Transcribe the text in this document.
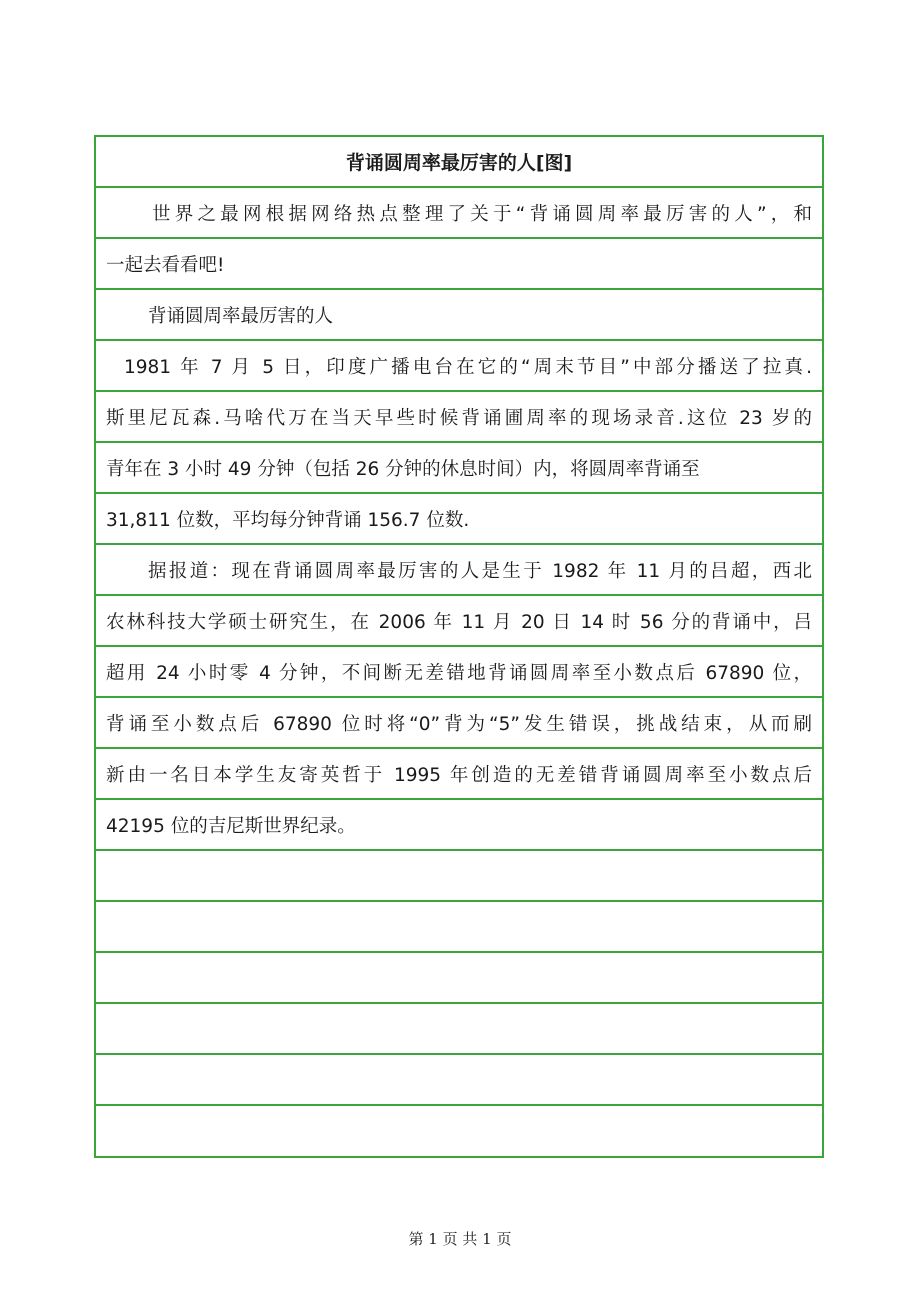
背诵圆周率最厉害的人[图]
世界之最网根据网络热点整理了关于“背诵圆周率最厉害的人”，和
一起去看看吧!
背诵圆周率最厉害的人
1981 年 7 月 5 日，印度广播电台在它的“周末节目”中部分播送了拉真.
斯里尼瓦森.马啥代万在当天早些时候背诵圃周率的现场录音.这位 23 岁的
青年在 3 小时 49 分钟（包括 26 分钟的休息时间）内，将圆周率背诵至
31,811 位数，平均每分钟背诵 156.7 位数.
据报道：现在背诵圆周率最厉害的人是生于 1982 年 11 月的吕超，西北
农林科技大学硕士研究生，在 2006 年 11 月 20 日 14 时 56 分的背诵中，吕
超用 24 小时零 4 分钟，不间断无差错地背诵圆周率至小数点后 67890 位，
背诵至小数点后 67890 位时将“0”背为“5”发生错误，挑战结束，从而刷
新由一名日本学生友寄英哲于 1995 年创造的无差错背诵圆周率至小数点后
42195 位的吉尼斯世界纪录。
第 1 页 共 1 页
